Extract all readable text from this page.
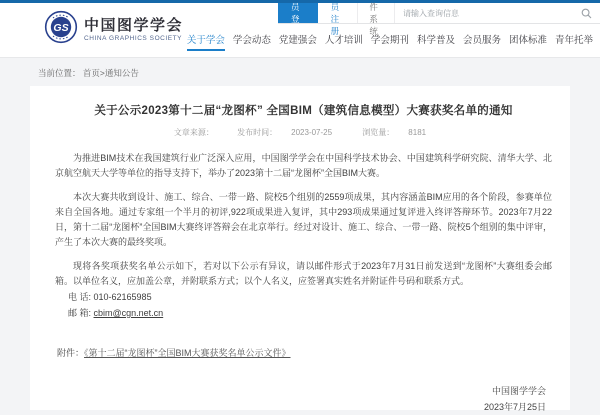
GS 中国图学学会
CHINA GRAPHICS SOCIETY
员登录
员注册
件系统
请输入查询信息
关于学会 学会动态 党建强会 人才培训 学会期刊 科学普及 会员服务 团体标准 青年托举
当前位置： 首页>通知公告
关于公示2023第十二届“龙图杯” 全国BIM（建筑信息模型）大赛获奖名单的通知
文章来源：	发布时间： 2023-07-25	浏览量： 8181

为推进BIM技术在我国建筑行业广泛深入应用，中国图学学会在中国科学技术协会、中国建筑科学研究院、清华大学、北京航空航天大学等单位的指导支持下，举办了2023第十二届“龙图杯”全国BIM大赛。

本次大赛共收到设计、施工、综合、一带一路、院校5个组别的2559项成果，其内容涵盖BIM应用的各个阶段，参赛单位来自全国各地。通过专家组一个半月的初评,922项成果进入复评，其中293项成果通过复评进入终评答辩环节。2023年7月22日，第十二届“龙图杯”全国BIM大赛终评答辩会在北京举行。经过对设计、施工、综合、一带一路、院校5个组别的集中评审，产生了本次大赛的最终奖项。

现将各奖项获奖名单公示如下，若对以下公示有异议，请以邮件形式于2023年7月31日前发送到“龙图杯”大赛组委会邮箱。以单位名义，应加盖公章，并附联系方式；以个人名义，应签署真实姓名并附证件号码和联系方式。

电 话: 010-62165985
邮 箱: cbim@cgn.net.cn
附件：《第十二届“龙图杯”全国BIM大赛获奖名单公示文件》
中国图学学会
2023年7月25日
